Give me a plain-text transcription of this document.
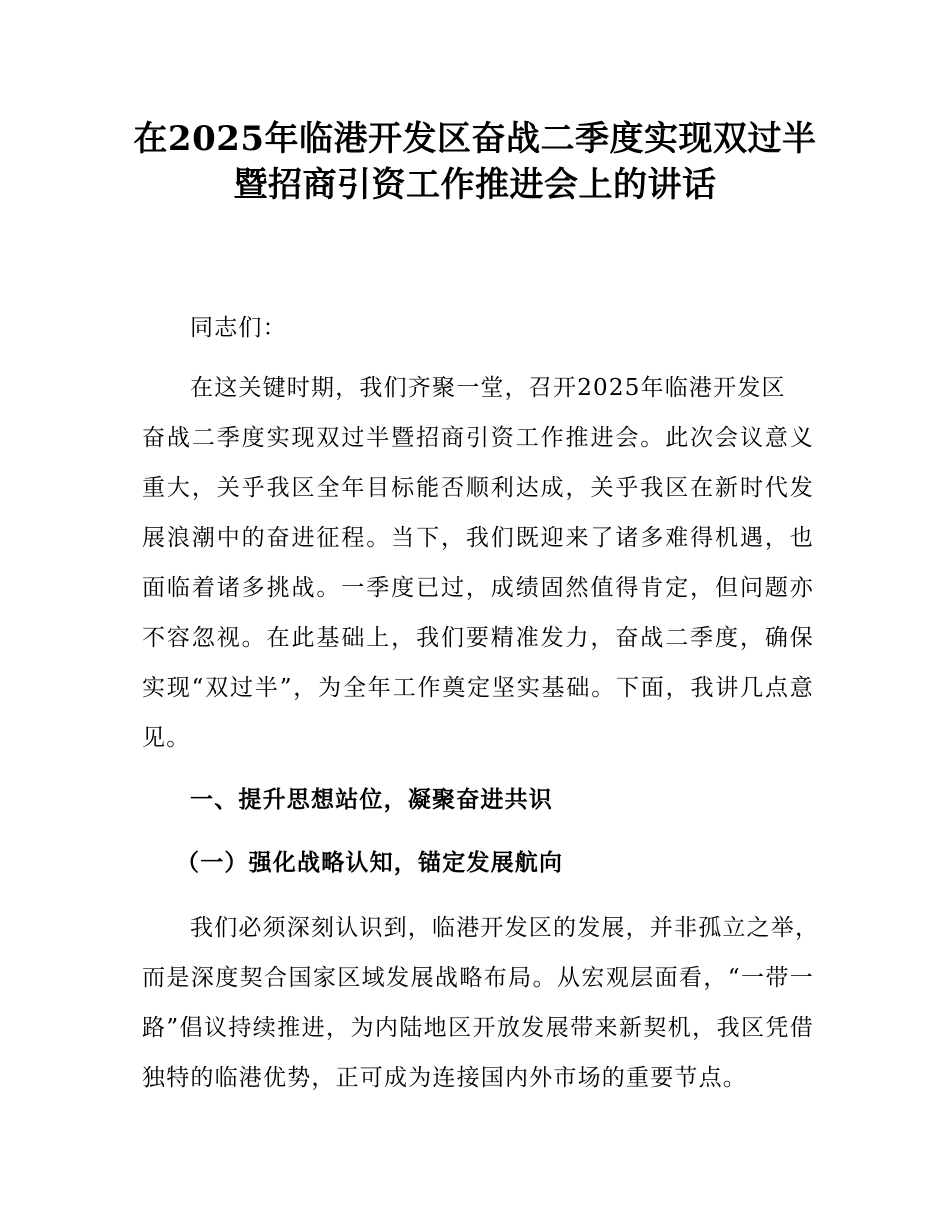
在2025年临港开发区奋战二季度实现双过半
暨招商引资工作推进会上的讲话
同志们：
在这关键时期，我们齐聚一堂，召开2025年临港开发区
奋战二季度实现双过半暨招商引资工作推进会。此次会议意义重大，关乎我区全年目标能否顺利达成，关乎我区在新时代发展浪潮中的奋进征程。当下，我们既迎来了诸多难得机遇，也面临着诸多挑战。一季度已过，成绩固然值得肯定，但问题亦不容忽视。在此基础上，我们要精准发力，奋战二季度，确保实现“双过半”，为全年工作奠定坚实基础。下面，我讲几点意见。
一、提升思想站位，凝聚奋进共识
（一）强化战略认知，锚定发展航向
我们必须深刻认识到，临港开发区的发展，并非孤立之举，
而是深度契合国家区域发展战略布局。从宏观层面看，“一带一路”倡议持续推进，为内陆地区开放发展带来新契机，我区凭借独特的临港优势，正可成为连接国内外市场的重要节点。
